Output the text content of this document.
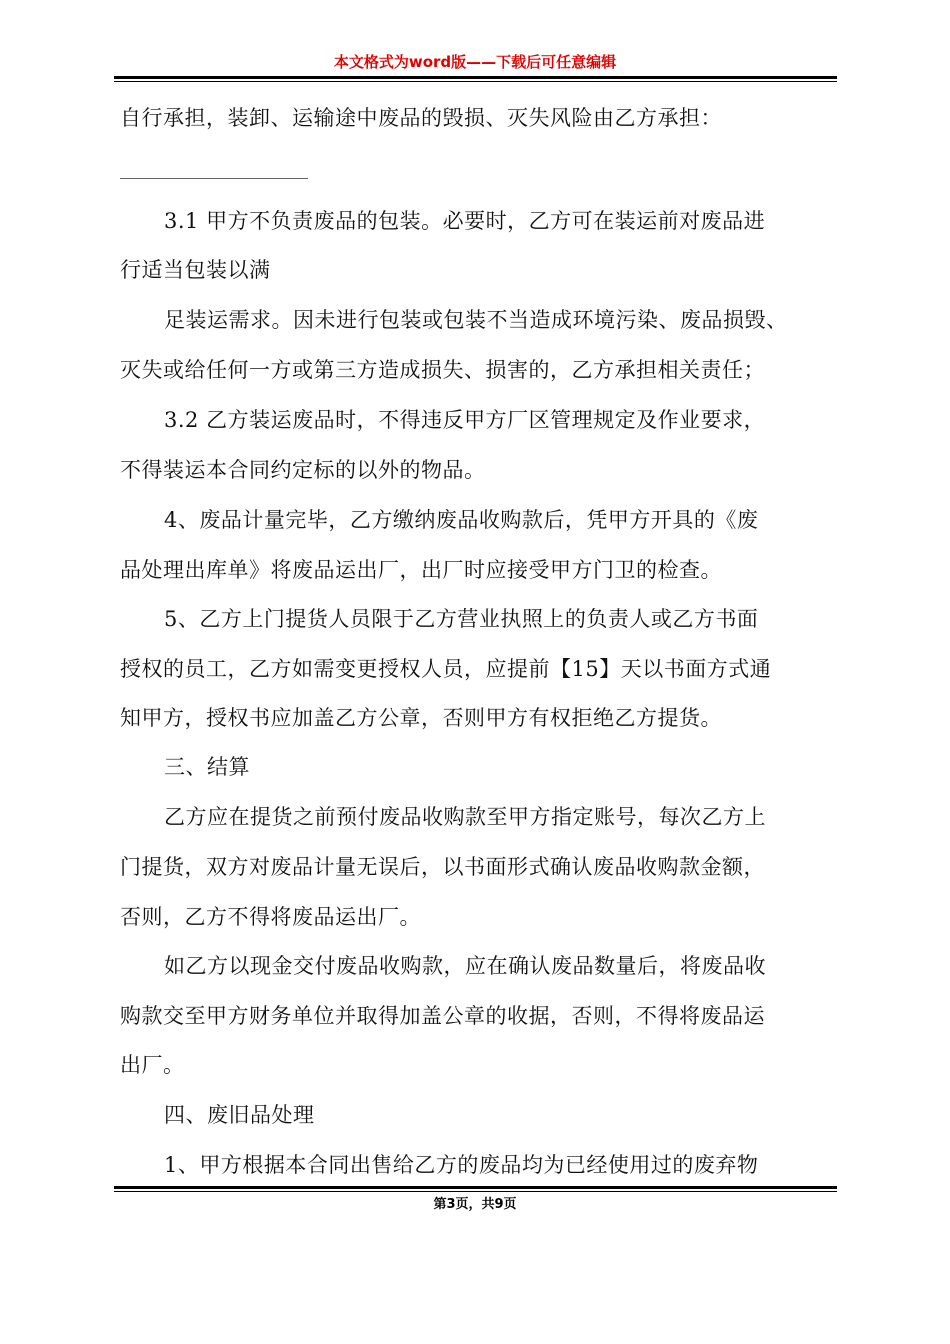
本文格式为word版——下载后可任意编辑
自行承担，装卸、运输途中废品的毁损、灭失风险由乙方承担：
3.1 甲方不负责废品的包装。必要时，乙方可在装运前对废品进
行适当包装以满
足装运需求。因未进行包装或包装不当造成环境污染、废品损毁、
灭失或给任何一方或第三方造成损失、损害的，乙方承担相关责任；
3.2 乙方装运废品时，不得违反甲方厂区管理规定及作业要求，
不得装运本合同约定标的以外的物品。
4、废品计量完毕，乙方缴纳废品收购款后，凭甲方开具的《废
品处理出库单》将废品运出厂，出厂时应接受甲方门卫的检查。
5、乙方上门提货人员限于乙方营业执照上的负责人或乙方书面
授权的员工，乙方如需变更授权人员，应提前【15】天以书面方式通
知甲方，授权书应加盖乙方公章，否则甲方有权拒绝乙方提货。
三、结算
乙方应在提货之前预付废品收购款至甲方指定账号，每次乙方上
门提货，双方对废品计量无误后，以书面形式确认废品收购款金额，
否则，乙方不得将废品运出厂。
如乙方以现金交付废品收购款，应在确认废品数量后，将废品收
购款交至甲方财务单位并取得加盖公章的收据，否则，不得将废品运
出厂。
四、废旧品处理
1、甲方根据本合同出售给乙方的废品均为已经使用过的废弃物
第3页，共9页
